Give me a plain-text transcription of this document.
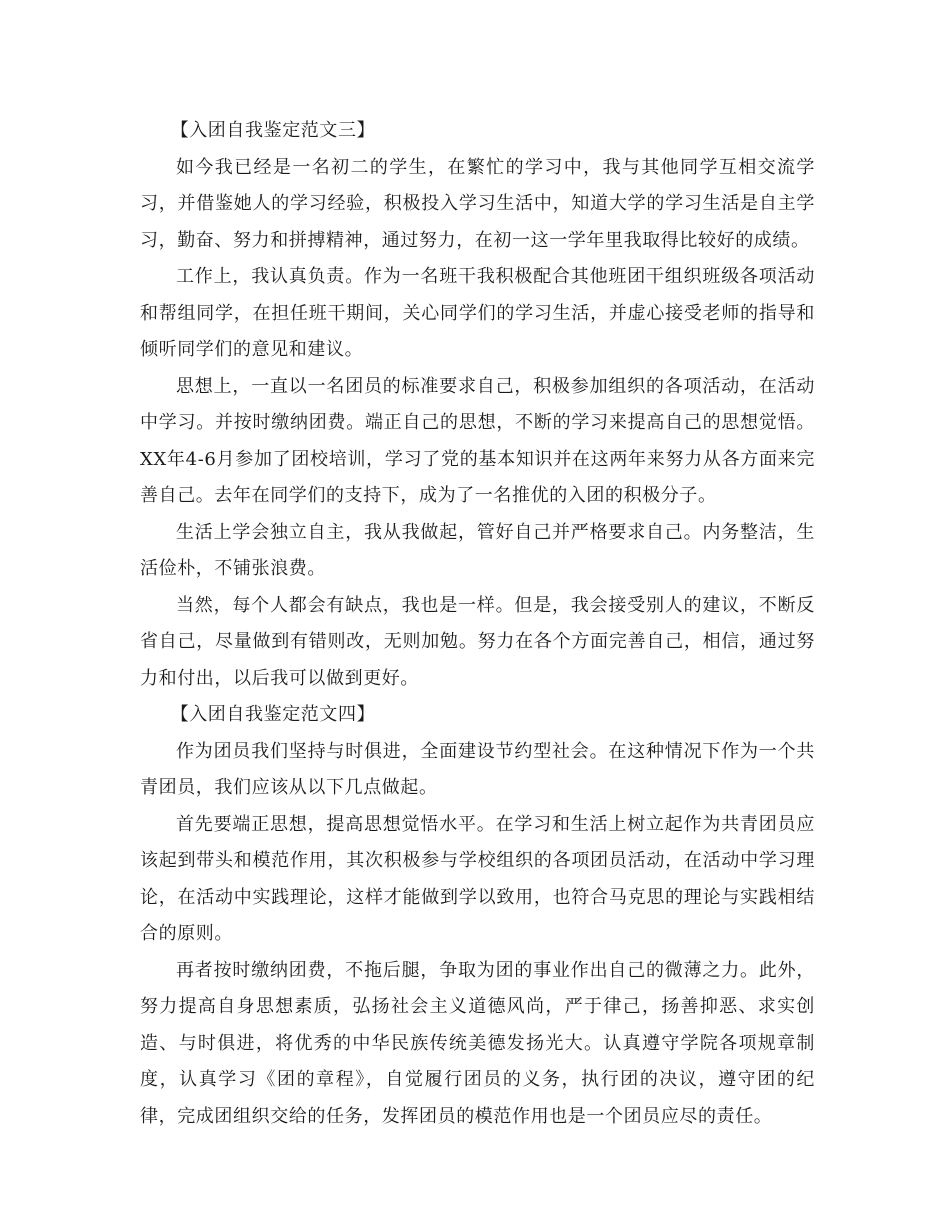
【入团自我鉴定范文三】

如今我已经是一名初二的学生，在繁忙的学习中，我与其他同学互相交流学习，并借鉴她人的学习经验，积极投入学习生活中，知道大学的学习生活是自主学习，勤奋、努力和拼搏精神，通过努力，在初一这一学年里我取得比较好的成绩。

工作上，我认真负责。作为一名班干我积极配合其他班团干组织班级各项活动和帮组同学，在担任班干期间，关心同学们的学习生活，并虚心接受老师的指导和倾听同学们的意见和建议。

思想上，一直以一名团员的标准要求自己，积极参加组织的各项活动，在活动中学习。并按时缴纳团费。端正自己的思想，不断的学习来提高自己的思想觉悟。XX年4-6月参加了团校培训，学习了党的基本知识并在这两年来努力从各方面来完善自己。去年在同学们的支持下，成为了一名推优的入团的积极分子。

生活上学会独立自主，我从我做起，管好自己并严格要求自己。内务整洁，生活俭朴，不铺张浪费。

当然，每个人都会有缺点，我也是一样。但是，我会接受别人的建议，不断反省自己，尽量做到有错则改，无则加勉。努力在各个方面完善自己，相信，通过努力和付出，以后我可以做到更好。

【入团自我鉴定范文四】

作为团员我们坚持与时俱进，全面建设节约型社会。在这种情况下作为一个共青团员，我们应该从以下几点做起。

首先要端正思想，提高思想觉悟水平。在学习和生活上树立起作为共青团员应该起到带头和模范作用，其次积极参与学校组织的各项团员活动，在活动中学习理论，在活动中实践理论，这样才能做到学以致用，也符合马克思的理论与实践相结合的原则。

再者按时缴纳团费，不拖后腿，争取为团的事业作出自己的微薄之力。此外，努力提高自身思想素质，弘扬社会主义道德风尚，严于律己，扬善抑恶、求实创造、与时俱进，将优秀的中华民族传统美德发扬光大。认真遵守学院各项规章制度，认真学习《团的章程》，自觉履行团员的义务，执行团的决议，遵守团的纪律，完成团组织交给的任务，发挥团员的模范作用也是一个团员应尽的责任。
